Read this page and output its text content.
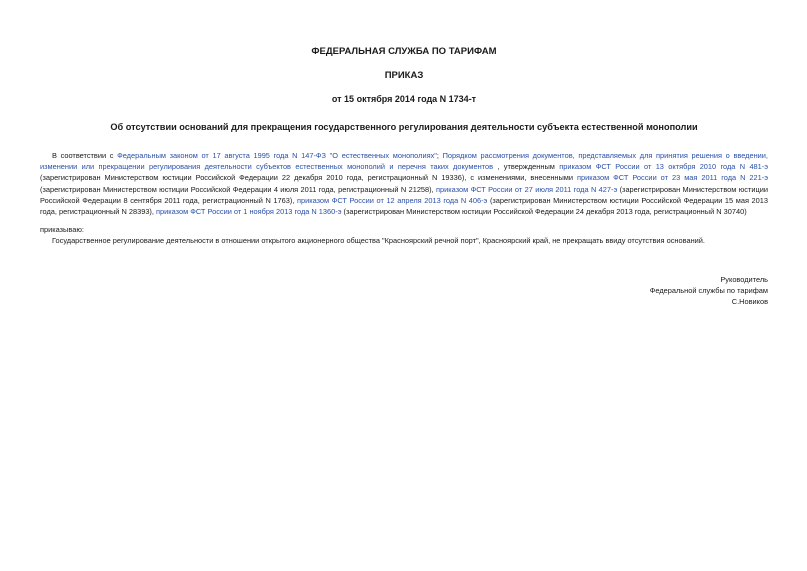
ФЕДЕРАЛЬНАЯ СЛУЖБА ПО ТАРИФАМ
ПРИКАЗ
от 15 октября 2014 года N 1734-т
Об отсутствии оснований для прекращения государственного регулирования деятельности субъекта естественной монополии
В соответствии с Федеральным законом от 17 августа 1995 года N 147-ФЗ "О естественных монополиях"; Порядком рассмотрения документов, представляемых для принятия решения о введении, изменении или прекращении регулирования деятельности субъектов естественных монополий и перечня таких документов , утвержденным приказом ФСТ России от 13 октября 2010 года N 481-э (зарегистрирован Министерством юстиции Российской Федерации 22 декабря 2010 года, регистрационный N 19336), с изменениями, внесенными приказом ФСТ России от 23 мая 2011 года N 221-э (зарегистрирован Министерством юстиции Российской Федерации 4 июля 2011 года, регистрационный N 21258), приказом ФСТ России от 27 июля 2011 года N 427-э (зарегистрирован Министерством юстиции Российской Федерации 8 сентября 2011 года, регистрационный N 1763), приказом ФСТ России от 12 апреля 2013 года N 406-э (зарегистрирован Министерством юстиции Российской Федерации 15 мая 2013 года, регистрационный N 28393), приказом ФСТ России от 1 ноября 2013 года N 1360-э (зарегистрирован Министерством юстиции Российской Федерации 24 декабря 2013 года, регистрационный N 30740)
приказываю:
Государственное регулирование деятельности в отношении открытого акционерного общества "Красноярский речной порт", Красноярский край, не прекращать ввиду отсутствия оснований.
Руководитель
Федеральной службы по тарифам
С.Новиков
